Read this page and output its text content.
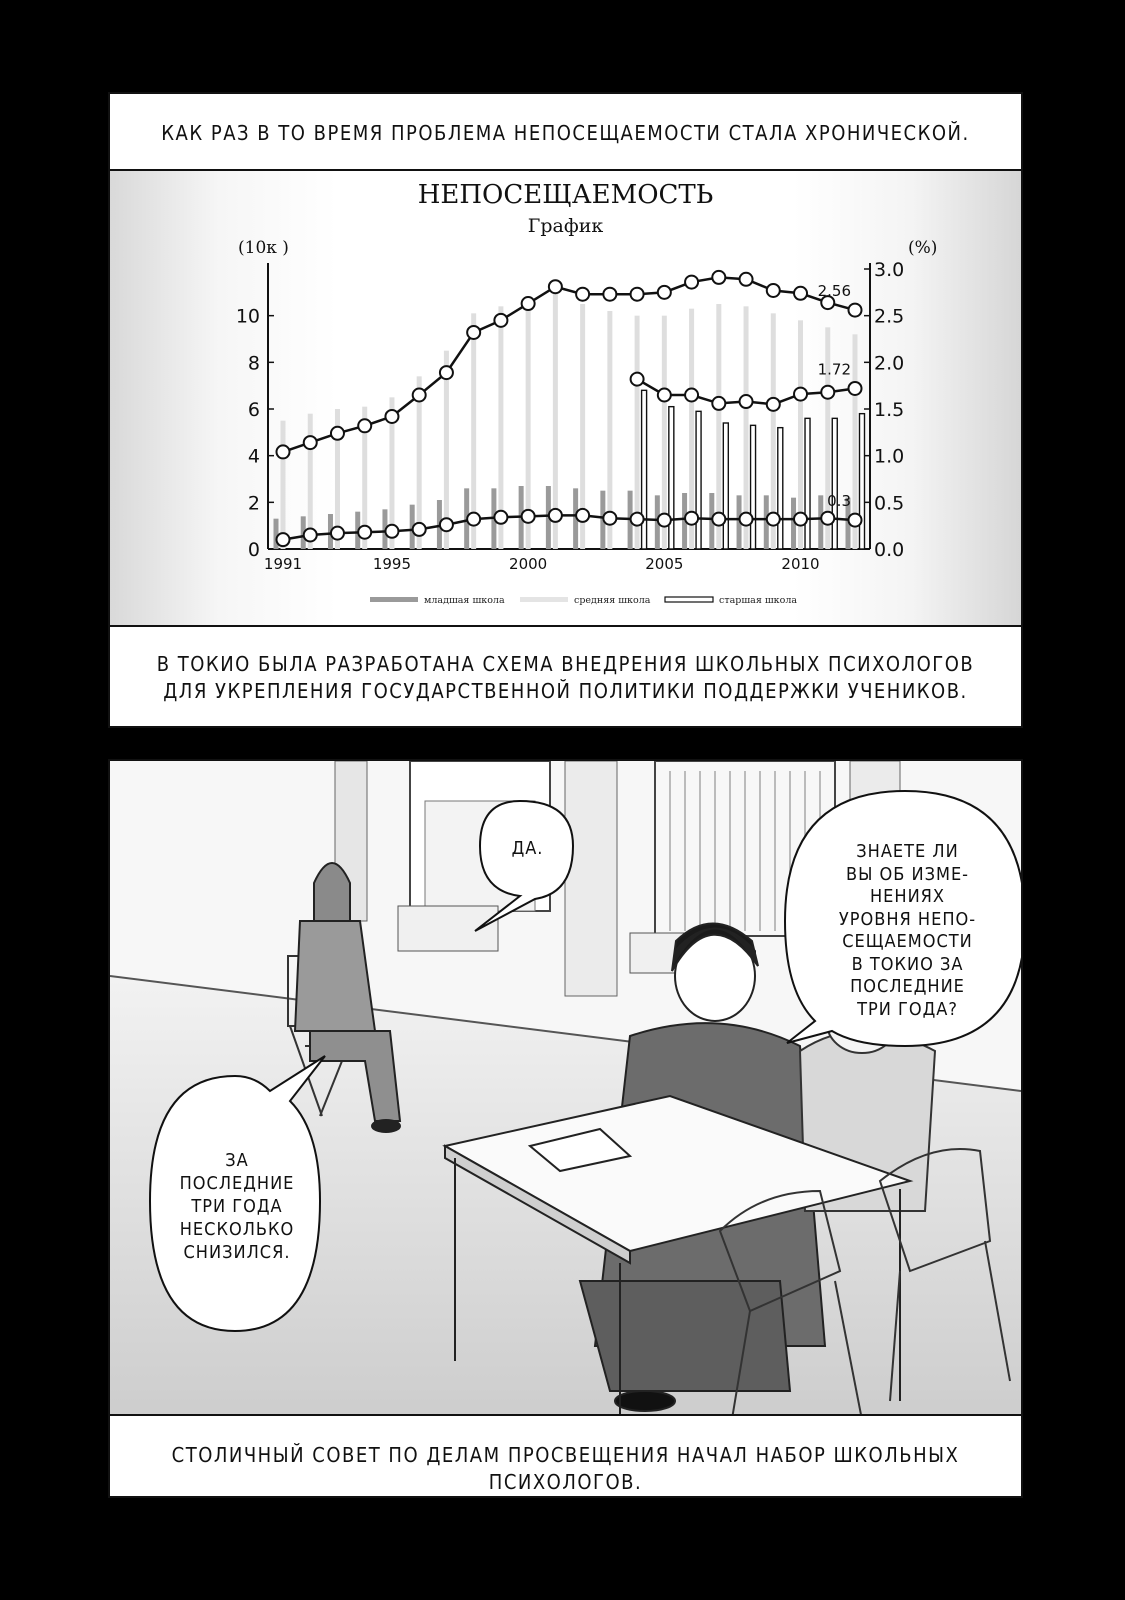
КАК РАЗ В ТО ВРЕМЯ ПРОБЛЕМА НЕПОСЕЩАЕМОСТИ СТАЛА ХРОНИЧЕСКОЙ.
НЕПОСЕЩАЕМОСТЬ
График
(10к )	(%)
0
2
4
6
8
10
0.0
0.5
1.0
1.5
2.0
2.5
3.0
1991	1995	2000	2005	2010
2.56
1.72
0.3
младшая школа	средняя школа	старшая школа
В ТОКИО БЫЛА РАЗРАБОТАНА СХЕМА ВНЕДРЕНИЯ ШКОЛЬНЫХ ПСИХОЛОГОВ
ДЛЯ УКРЕПЛЕНИЯ ГОСУДАРСТВЕННОЙ ПОЛИТИКИ ПОДДЕРЖКИ УЧЕНИКОВ.
ДА.	ЗНАЕТЕ ЛИ
ВЫ ОБ ИЗМЕ-
НЕНИЯХ
УРОВНЯ НЕПО-
СЕЩАЕМОСТИ
В ТОКИО ЗА
ПОСЛЕДНИЕ
ТРИ ГОДА?
ЗА
ПОСЛЕДНИЕ
ТРИ ГОДА
НЕСКОЛЬКО
СНИЗИЛСЯ.
СТОЛИЧНЫЙ СОВЕТ ПО ДЕЛАМ ПРОСВЕЩЕНИЯ НАЧАЛ НАБОР ШКОЛЬНЫХ ПСИХОЛОГОВ.
